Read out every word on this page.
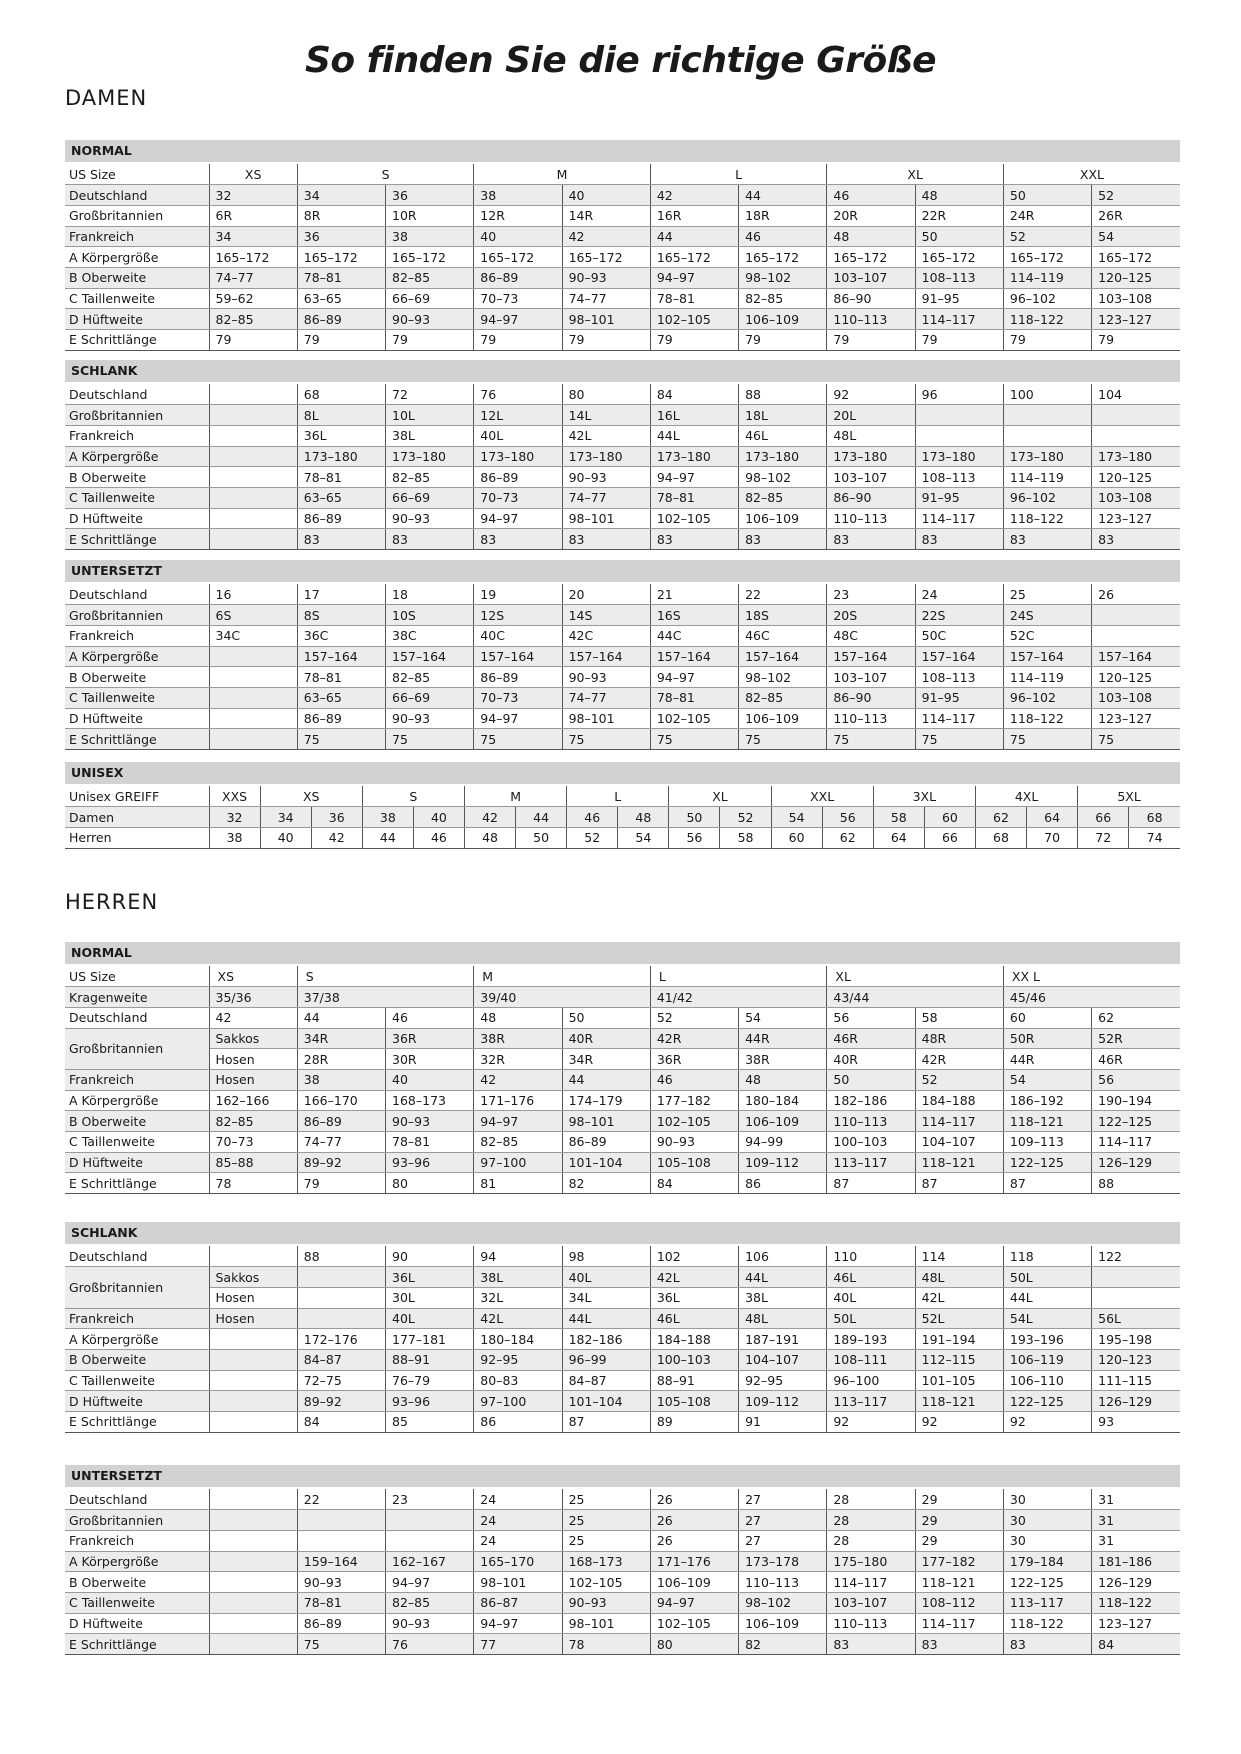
So finden Sie die richtige Größe
DAMEN
NORMAL
US Size	XS	S		M		L		XL		XXL	
Deutschland	32	34	36	38	40	42	44	46	48	50	52
Großbritannien	6R	8R	10R	12R	14R	16R	18R	20R	22R	24R	26R
Frankreich	34	36	38	40	42	44	46	48	50	52	54
A Körpergröße	165–172	165–172	165–172	165–172	165–172	165–172	165–172	165–172	165–172	165–172	165–172
B Oberweite	74–77	78–81	82–85	86–89	90–93	94–97	98–102	103–107	108–113	114–119	120–125
C Taillenweite	59–62	63–65	66–69	70–73	74–77	78–81	82–85	86–90	91–95	96–102	103–108
D Hüftweite	82–85	86–89	90–93	94–97	98–101	102–105	106–109	110–113	114–117	118–122	123–127
E Schrittlänge	79	79	79	79	79	79	79	79	79	79	79
SCHLANK
Deutschland		68	72	76	80	84	88	92	96	100	104
Großbritannien		8L	10L	12L	14L	16L	18L	20L			
Frankreich		36L	38L	40L	42L	44L	46L	48L			
A Körpergröße		173–180	173–180	173–180	173–180	173–180	173–180	173–180	173–180	173–180	173–180
B Oberweite		78–81	82–85	86–89	90–93	94–97	98–102	103–107	108–113	114–119	120–125
C Taillenweite		63–65	66–69	70–73	74–77	78–81	82–85	86–90	91–95	96–102	103–108
D Hüftweite		86–89	90–93	94–97	98–101	102–105	106–109	110–113	114–117	118–122	123–127
E Schrittlänge		83	83	83	83	83	83	83	83	83	83
UNTERSETZT
Deutschland	16	17	18	19	20	21	22	23	24	25	26
Großbritannien	6S	8S	10S	12S	14S	16S	18S	20S	22S	24S	
Frankreich	34C	36C	38C	40C	42C	44C	46C	48C	50C	52C	
A Körpergröße		157–164	157–164	157–164	157–164	157–164	157–164	157–164	157–164	157–164	157–164
B Oberweite		78–81	82–85	86–89	90–93	94–97	98–102	103–107	108–113	114–119	120–125
C Taillenweite		63–65	66–69	70–73	74–77	78–81	82–85	86–90	91–95	96–102	103–108
D Hüftweite		86–89	90–93	94–97	98–101	102–105	106–109	110–113	114–117	118–122	123–127
E Schrittlänge		75	75	75	75	75	75	75	75	75	75
UNISEX
Unisex GREIFF	XXS	XS		S		M		L		XL		XXL		3XL		4XL		5XL	
Damen	32	34	36	38	40	42	44	46	48	50	52	54	56	58	60	62	64	66	68
Herren	38	40	42	44	46	48	50	52	54	56	58	60	62	64	66	68	70	72	74
HERREN
NORMAL
US Size	XS	S		M		L		XL		XX L	
Kragenweite	35/36	37/38		39/40		41/42		43/44		45/46	
Deutschland	42	44	46	48	50	52	54	56	58	60	62
Großbritannien	Sakkos	34R	36R	38R	40R	42R	44R	46R	48R	50R	52R
	Hosen	28R	30R	32R	34R	36R	38R	40R	42R	44R	46R
Frankreich	Hosen	38	40	42	44	46	48	50	52	54	56
A Körpergröße	162–166	166–170	168–173	171–176	174–179	177–182	180–184	182–186	184–188	186–192	190–194
B Oberweite	82–85	86–89	90–93	94–97	98–101	102–105	106–109	110–113	114–117	118–121	122–125
C Taillenweite	70–73	74–77	78–81	82–85	86–89	90–93	94–99	100–103	104–107	109–113	114–117
D Hüftweite	85–88	89–92	93–96	97–100	101–104	105–108	109–112	113–117	118–121	122–125	126–129
E Schrittlänge	78	79	80	81	82	84	86	87	87	87	88
SCHLANK
Deutschland		88	90	94	98	102	106	110	114	118	122
Großbritannien	Sakkos		36L	38L	40L	42L	44L	46L	48L	50L	
	Hosen		30L	32L	34L	36L	38L	40L	42L	44L	
Frankreich	Hosen		40L	42L	44L	46L	48L	50L	52L	54L	56L
A Körpergröße		172–176	177–181	180–184	182–186	184–188	187–191	189–193	191–194	193–196	195–198
B Oberweite		84–87	88–91	92–95	96–99	100–103	104–107	108–111	112–115	106–119	120–123
C Taillenweite		72–75	76–79	80–83	84–87	88–91	92–95	96–100	101–105	106–110	111–115
D Hüftweite		89–92	93–96	97–100	101–104	105–108	109–112	113–117	118–121	122–125	126–129
E Schrittlänge		84	85	86	87	89	91	92	92	92	93
UNTERSETZT
Deutschland		22	23	24	25	26	27	28	29	30	31
Großbritannien				24	25	26	27	28	29	30	31
Frankreich				24	25	26	27	28	29	30	31
A Körpergröße		159–164	162–167	165–170	168–173	171–176	173–178	175–180	177–182	179–184	181–186
B Oberweite		90–93	94–97	98–101	102–105	106–109	110–113	114–117	118–121	122–125	126–129
C Taillenweite		78–81	82–85	86–87	90–93	94–97	98–102	103–107	108–112	113–117	118–122
D Hüftweite		86–89	90–93	94–97	98–101	102–105	106–109	110–113	114–117	118–122	123–127
E Schrittlänge		75	76	77	78	80	82	83	83	83	84
